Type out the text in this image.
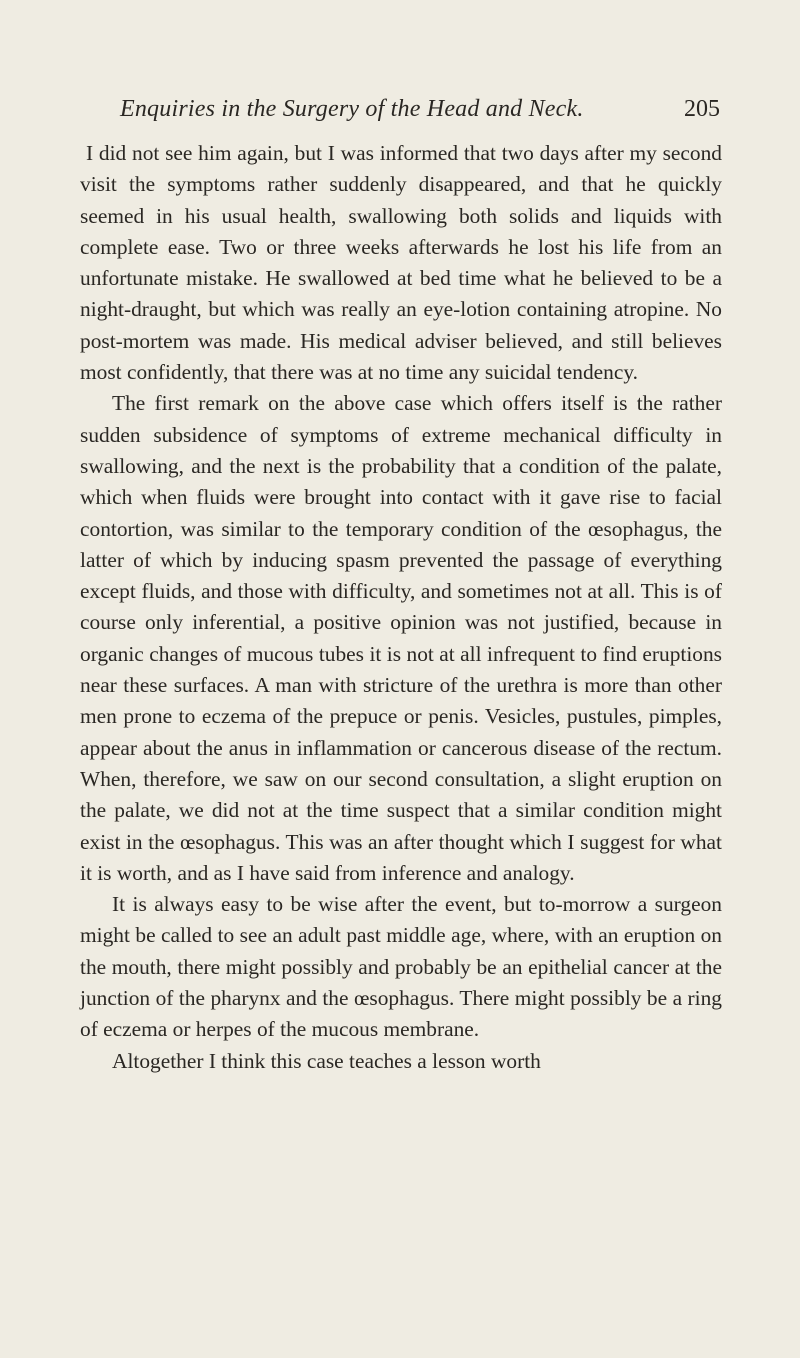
Enquiries in the Surgery of the Head and Neck.	205

I did not see him again, but I was informed that two days after my second visit the symptoms rather suddenly disappeared, and that he quickly seemed in his usual health, swallowing both solids and liquids with complete ease. Two or three weeks afterwards he lost his life from an unfortunate mistake. He swallowed at bed time what he believed to be a night-draught, but which was really an eye-lotion containing atropine. No post-mortem was made. His medical adviser believed, and still believes most confidently, that there was at no time any suicidal tendency.

The first remark on the above case which offers itself is the rather sudden subsidence of symptoms of extreme mechanical difficulty in swallowing, and the next is the probability that a condition of the palate, which when fluids were brought into contact with it gave rise to facial contortion, was similar to the temporary condition of the œsophagus, the latter of which by inducing spasm prevented the passage of everything except fluids, and those with difficulty, and sometimes not at all. This is of course only inferential, a positive opinion was not justified, because in organic changes of mucous tubes it is not at all infrequent to find eruptions near these surfaces. A man with stricture of the urethra is more than other men prone to eczema of the prepuce or penis. Vesicles, pustules, pimples, appear about the anus in inflammation or cancerous disease of the rectum. When, therefore, we saw on our second consultation, a slight eruption on the palate, we did not at the time suspect that a similar condition might exist in the œsophagus. This was an after thought which I suggest for what it is worth, and as I have said from inference and analogy.

It is always easy to be wise after the event, but to-morrow a surgeon might be called to see an adult past middle age, where, with an eruption on the mouth, there might possibly and probably be an epithelial cancer at the junction of the pharynx and the œsophagus. There might possibly be a ring of eczema or herpes of the mucous membrane.

Altogether I think this case teaches a lesson worth
